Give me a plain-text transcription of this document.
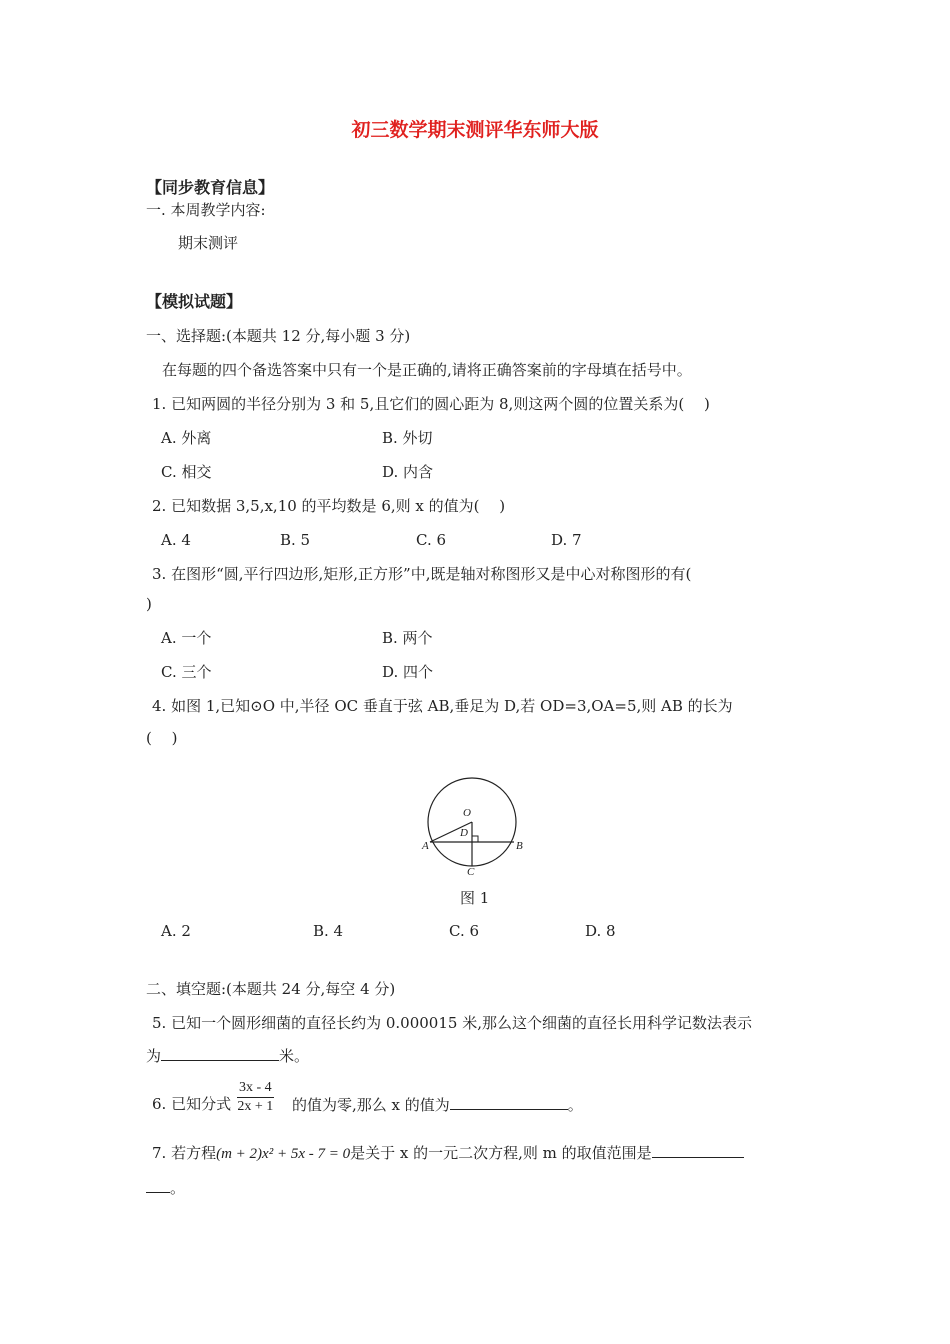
初三数学期末测评华东师大版
【同步教育信息】
一. 本周教学内容:
期末测评
【模拟试题】
一、选择题:(本题共 12 分,每小题 3 分)
在每题的四个备选答案中只有一个是正确的,请将正确答案前的字母填在括号中。
1. 已知两圆的半径分别为 3 和 5,且它们的圆心距为 8,则这两个圆的位置关系为(　 )
A. 外离	B. 外切
C. 相交	D. 内含
2. 已知数据 3,5,x,10 的平均数是 6,则 x 的值为(　 )
A. 4	B. 5	C. 6	D. 7
3. 在图形“圆,平行四边形,矩形,正方形”中,既是轴对称图形又是中心对称图形的有(
)
A. 一个	B. 两个
C. 三个	D. 四个
4. 如图 1,已知⊙O 中,半径 OC 垂直于弦 AB,垂足为 D,若 OD=3,OA=5,则 AB 的长为
(　 )
O
D
A	B
C
图 1
A. 2	B. 4	C. 6	D. 8
二、填空题:(本题共 24 分,每空 4 分)
5. 已知一个圆形细菌的直径长约为 0.000015 米,那么这个细菌的直径长用科学记数法表示
为	米。
6. 已知分式 $\frac{3x - 4}{2x + 1}$ 的值为零,那么 x 的值为	。
7. 若方程(m + 2)x² + 5x - 7 = 0是关于 x 的一元二次方程,则 m 的取值范围是
。
